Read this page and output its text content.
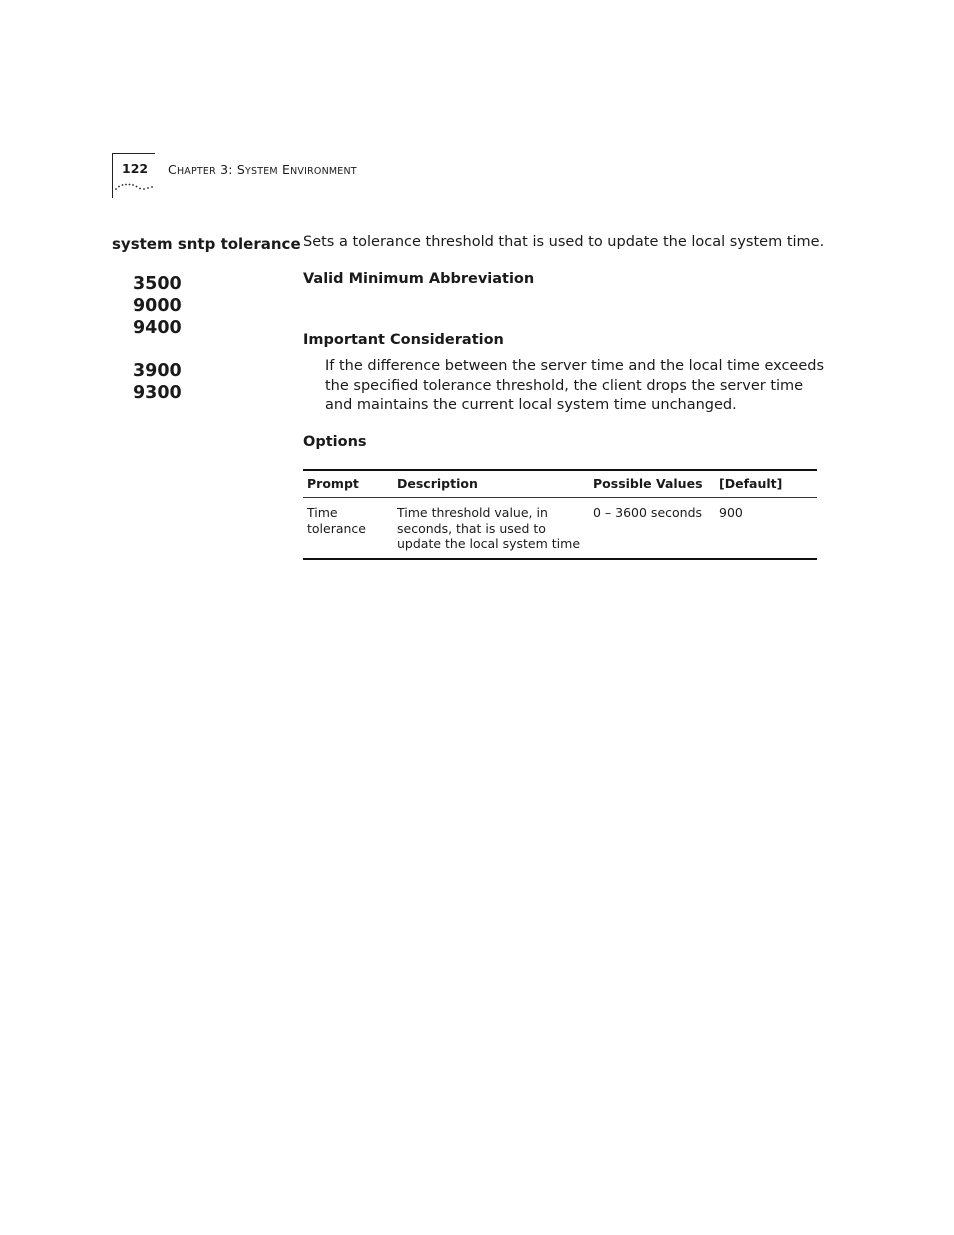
122 CHAPTER 3: SYSTEM ENVIRONMENT
system sntp tolerance
3500
9000
9400
3900
9300
Sets a tolerance threshold that is used to update the local system time.
Valid Minimum Abbreviation
Important Consideration
If the difference between the server time and the local time exceeds the specified tolerance threshold, the client drops the server time and maintains the current local system time unchanged.
Options
Prompt	Description	Possible Values	[Default]
Time tolerance	Time threshold value, in seconds, that is used to update the local system time	0 – 3600 seconds	900
